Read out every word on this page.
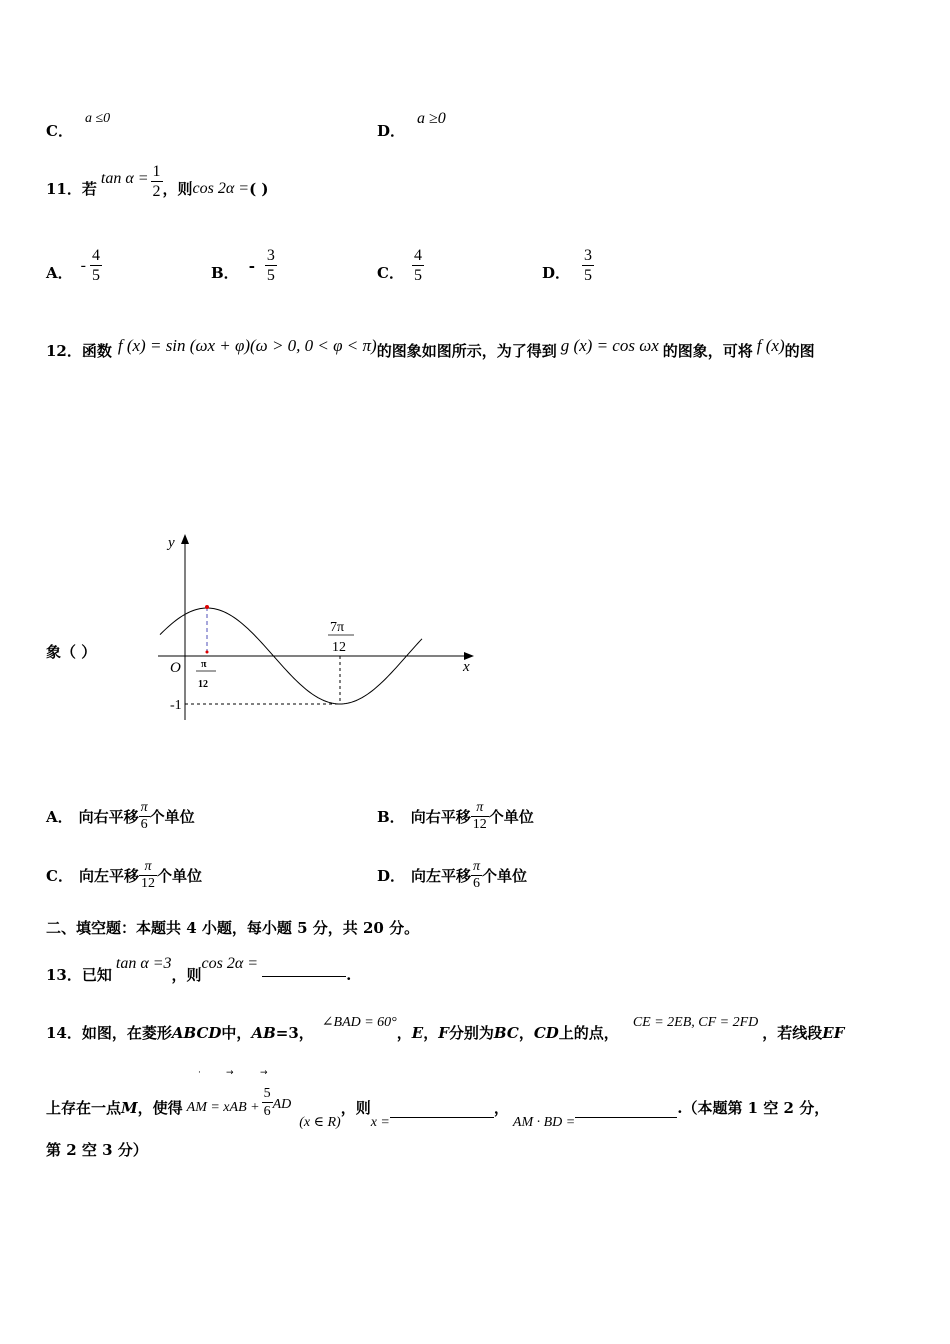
C．
a ≤0
D．
a ≥0
11．若
$\tan \alpha = \frac{1}{2}$ ，则 cos 2α = ( )
A． - $\frac{4}{5}$	B． - $\frac{3}{5}$	C． $\frac{4}{5}$	D． $\frac{3}{5}$
12．函数 f (x) = sin (ωx + φ)(ω > 0, 0 < φ < π) 的图象如图所示，为了得到 g (x) = cos ωx 的图象，可将 f (x) 的图
象（ ）
y
x
O π
12
7π
12
-1
A． 向右平移 $\frac{\pi}{6}$ 个单位	B． 向右平移 $\frac{\pi}{12}$ 个单位
C． 向左平移 $\frac{\pi}{12}$ 个单位	D． 向左平移 $\frac{\pi}{6}$ 个单位
二、填空题：本题共 4 小题，每小题 5 分，共 20 分。
13．已知
tan α =3
，则
cos 2α =
.
14．如图，在菱形 ABCD 中， AB =3，
∠BAD = 60°
， E ， F 分别为 BC ， CD 上的点，
CE = 2EB, CF = 2FD
，若线段 EF
上存在一点 M ，使得 AM = xAB + $\frac{5}{6}$ AD
(x ∈ R)
，则
x =
，
AM · BD =
.（本题第 1 空 2 分，
·	→	→
第 2 空 3 分）
